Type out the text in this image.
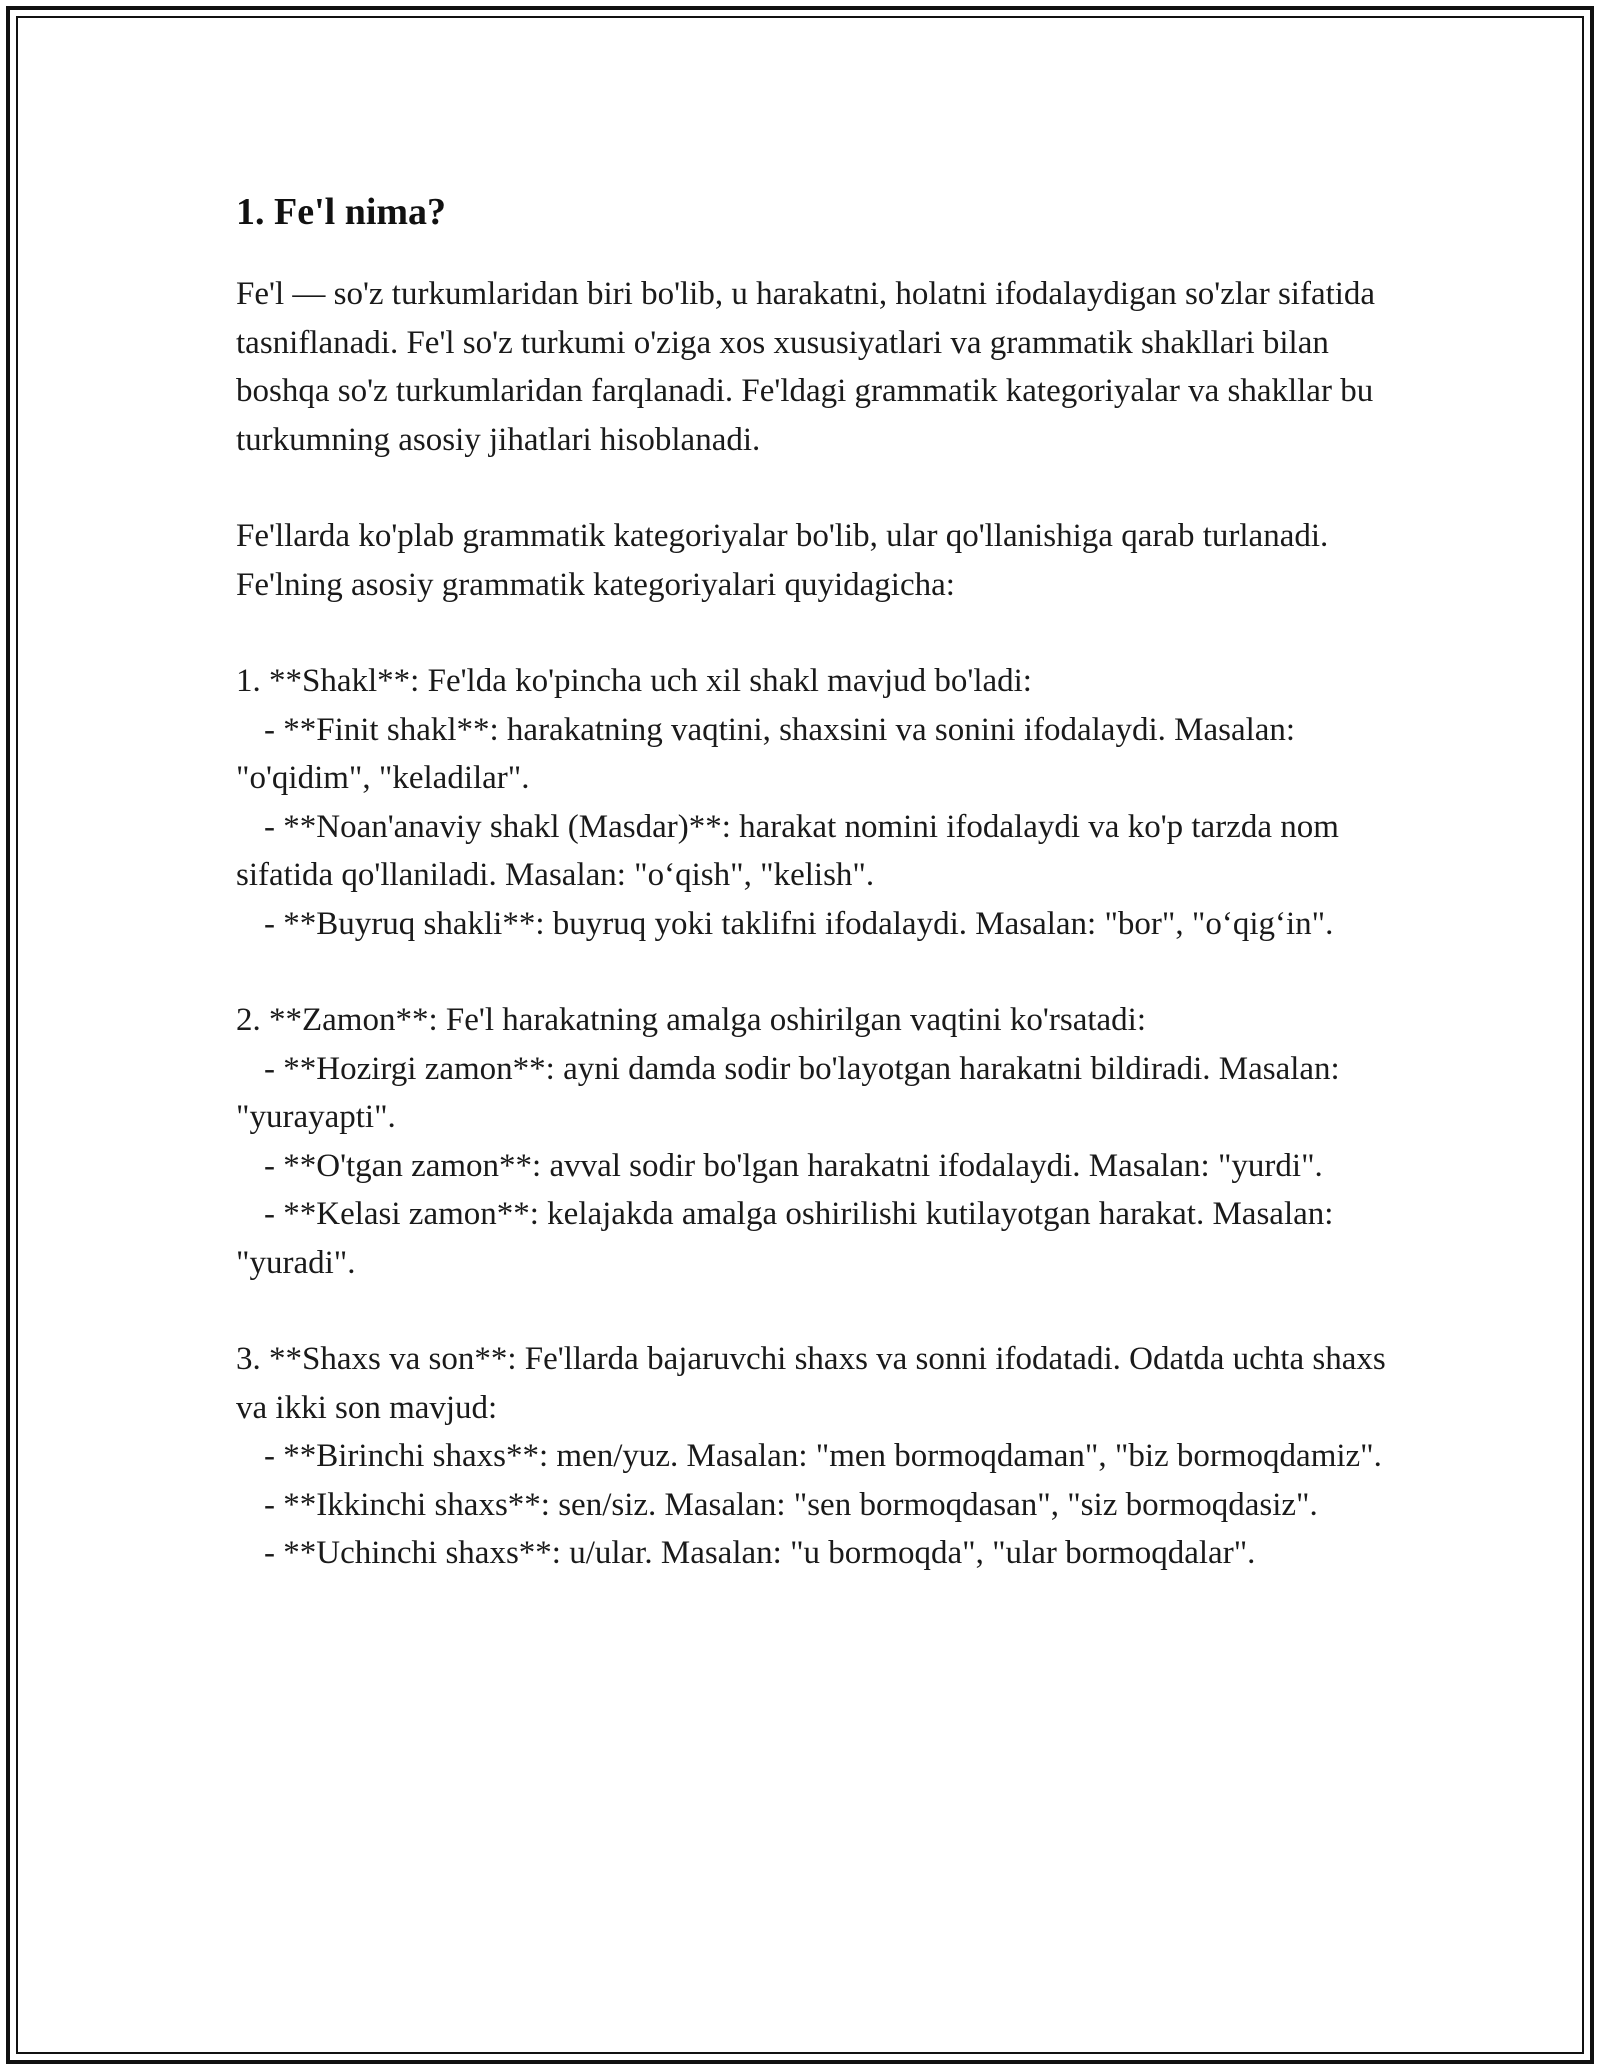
1. Fe'l nima?

Fe'l — so'z turkumlaridan biri bo'lib, u harakatni, holatni ifodalaydigan so'zlar sifatida tasniflanadi. Fe'l so'z turkumi o'ziga xos xususiyatlari va grammatik shakllari bilan boshqa so'z turkumlaridan farqlanadi. Fe'ldagi grammatik kategoriyalar va shakllar bu turkumning asosiy jihatlari hisoblanadi.

Fe'llarda ko'plab grammatik kategoriyalar bo'lib, ular qo'llanishiga qarab turlanadi. Fe'lning asosiy grammatik kategoriyalari quyidagicha:

1. **Shakl**: Fe'lda ko'pincha uch xil shakl mavjud bo'ladi:
- **Finit shakl**: harakatning vaqtini, shaxsini va sonini ifodalaydi. Masalan: "o'qidim", "keladilar".
- **Noan'anaviy shakl (Masdar)**: harakat nomini ifodalaydi va ko'p tarzda nom sifatida qo'llaniladi. Masalan: "o‘qish", "kelish".
- **Buyruq shakli**: buyruq yoki taklifni ifodalaydi. Masalan: "bor", "o‘qig‘in".
2. **Zamon**: Fe'l harakatning amalga oshirilgan vaqtini ko'rsatadi:
- **Hozirgi zamon**: ayni damda sodir bo'layotgan harakatni bildiradi. Masalan: "yurayapti".
- **O'tgan zamon**: avval sodir bo'lgan harakatni ifodalaydi. Masalan: "yurdi".
- **Kelasi zamon**: kelajakda amalga oshirilishi kutilayotgan harakat. Masalan: "yuradi".
3. **Shaxs va son**: Fe'llarda bajaruvchi shaxs va sonni ifodatadi. Odatda uchta shaxs va ikki son mavjud:
- **Birinchi shaxs**: men/yuz. Masalan: "men bormoqdaman", "biz bormoqdamiz".
- **Ikkinchi shaxs**: sen/siz. Masalan: "sen bormoqdasan", "siz bormoqdasiz".
- **Uchinchi shaxs**: u/ular. Masalan: "u bormoqda", "ular bormoqdalar".
